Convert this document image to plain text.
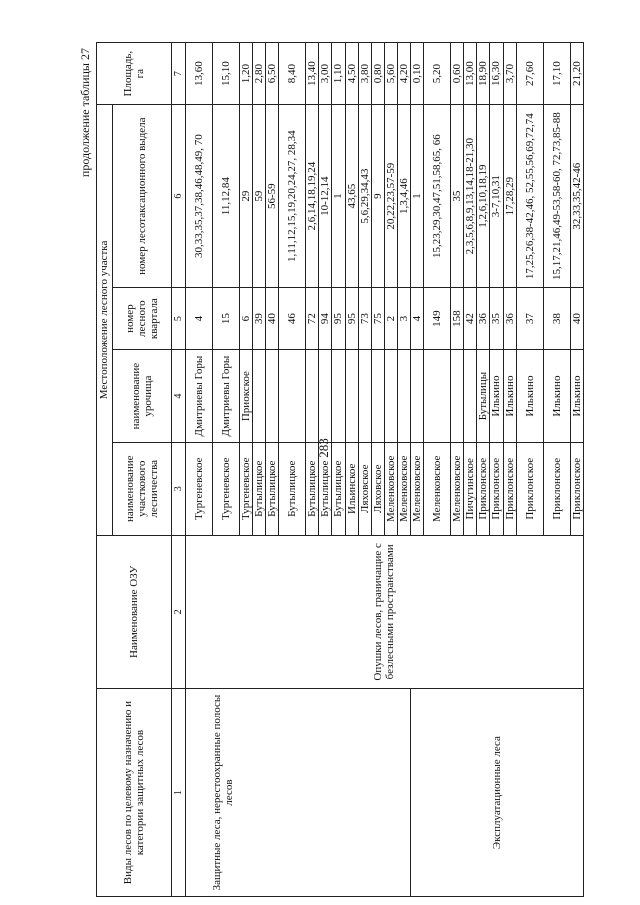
283
продолжение таблицы 27
Виды лесов по целевому назначению и категории защитных лесов	Наименование ОЗУ	Местоположение лесного участка				Площадь, га
		наименование участкового лесничества	наименование урочища	номер лесного квартала	номер лесотаксационного выдела	
1	2	3	4	5	6	7
Защитные леса, нерестоохранные полосы лесов	Опушки лесов, граничащие с безлесными пространствами	Тургеневское	Дмитриевы Горы	4	30,33,35,37,38,46,48,49, 70	13,60
		Тургеневское	Дмитриевы Горы	15	11,12,84	15,10
		Тургеневское	Приокское	6	29	1,20
		Бутылицкое		39	59	2,80
		Бутылицкое		40	56-59	6,50
		Бутылицкое		46	1,11,12,15,19,20,24,27, 28,34	8,40
		Бутылицкое		72	2,6,14,18,19,24	13,40
		Бутылицкое		94	10-12,14	3,00
		Бутылицкое		95	1	1,10
		Ильинское		95	43,65	4,50
		Ляховское		73	5,6,29,34,43	3,80
		Ляховское		75	9	0,80
		Меленковское		2	20,22,23,57-59	5,60
		Меленковское		3	1,3,4,46	4,20
Эксплуатационные леса		Меленковское		4	1	0,10
		Меленковское		149	15,23,29,30,47,51,58,65, 66	5,20
		Меленковское		158	35	0,60
		Пичугинское		42	2,3,5,6,8,9,13,14,18-21,30	13,00
		Приклонское	Бутылицы	36	1,2,6,10,18,19	18,90
		Приклонское	Илькино	35	3-7,10,31	16,30
		Приклонское	Илькино	36	17,28,29	3,70
		Приклонское	Илькино	37	17,25,26,38-42,46, 52,55,56,69,72,74	27,60
		Приклонское	Илькино	38	15,17,21,46,49-53,58-60, 72,73,85-88	17,10
		Приклонское	Илькино	40	32,33,35,42-46	21,20
